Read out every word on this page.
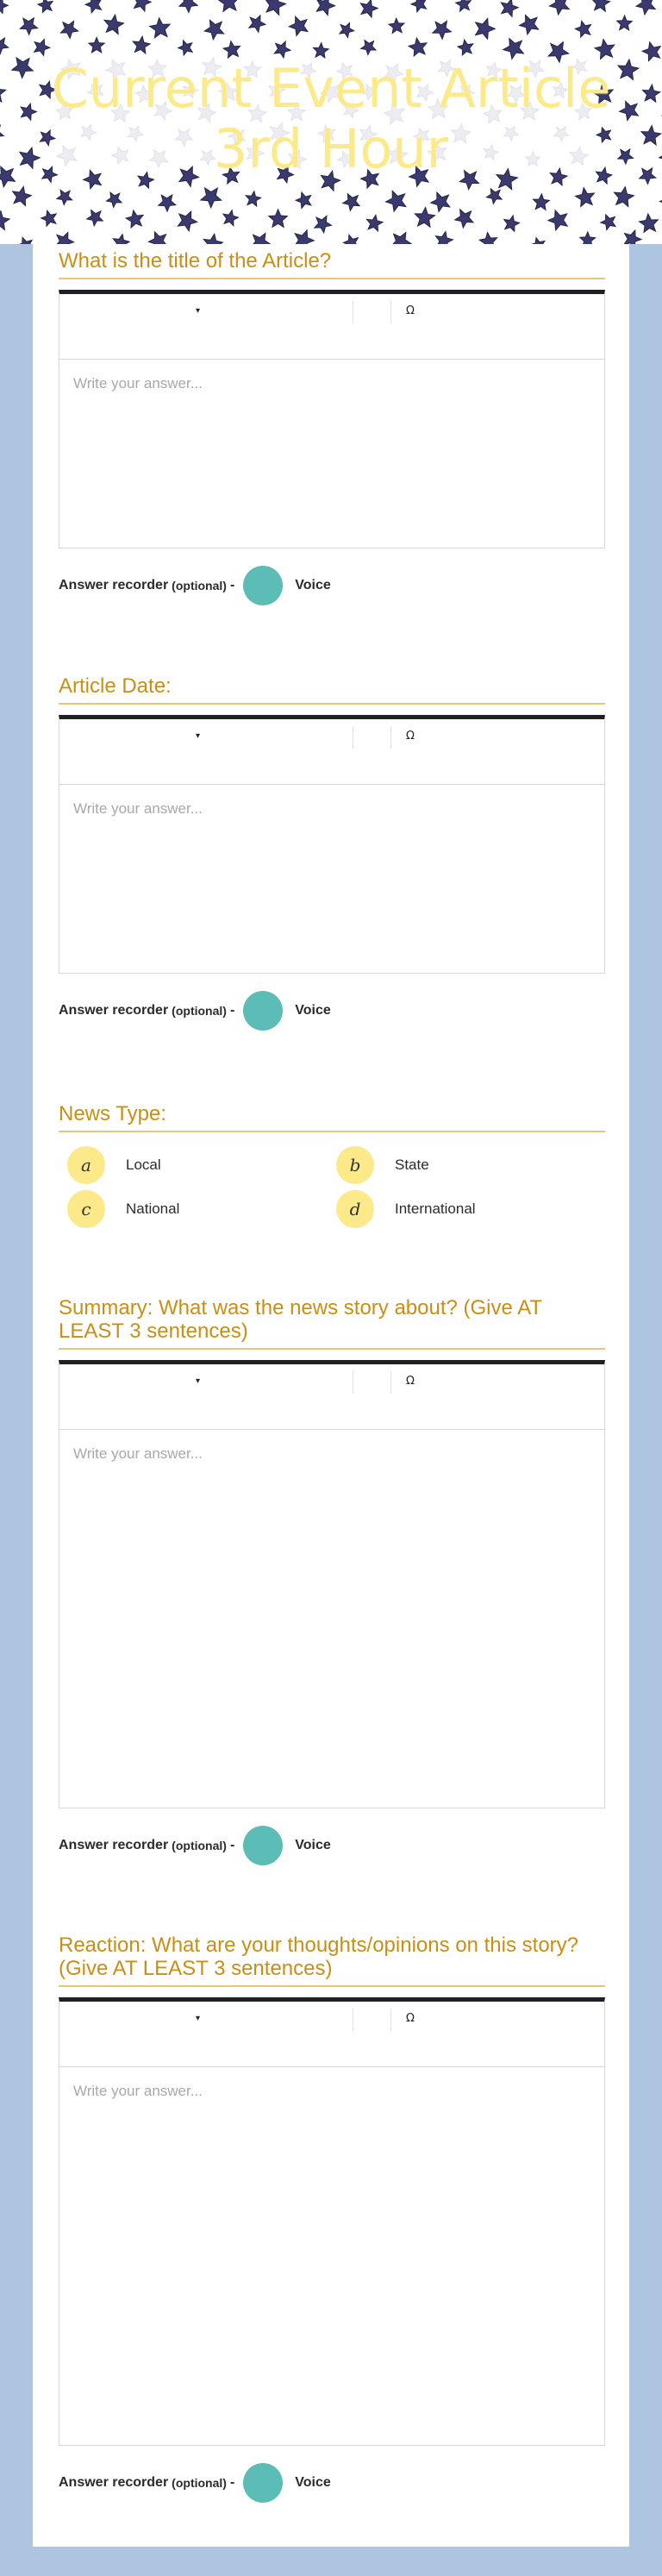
Current Event Article
3rd Hour
What is the title of the Article?
▾	Ω
Write your answer...
Answer recorder (optional) -	Voice
Article Date:
▾	Ω
Write your answer...
Answer recorder (optional) -	Voice
News Type:
a	Local	b	State
c	National	d	International
Summary: What was the news story about? (Give AT LEAST 3 sentences)
▾	Ω
Write your answer...
Answer recorder (optional) -	Voice
Reaction: What are your thoughts/opinions on this story? (Give AT LEAST 3 sentences)
▾	Ω
Write your answer...
Answer recorder (optional) -	Voice
